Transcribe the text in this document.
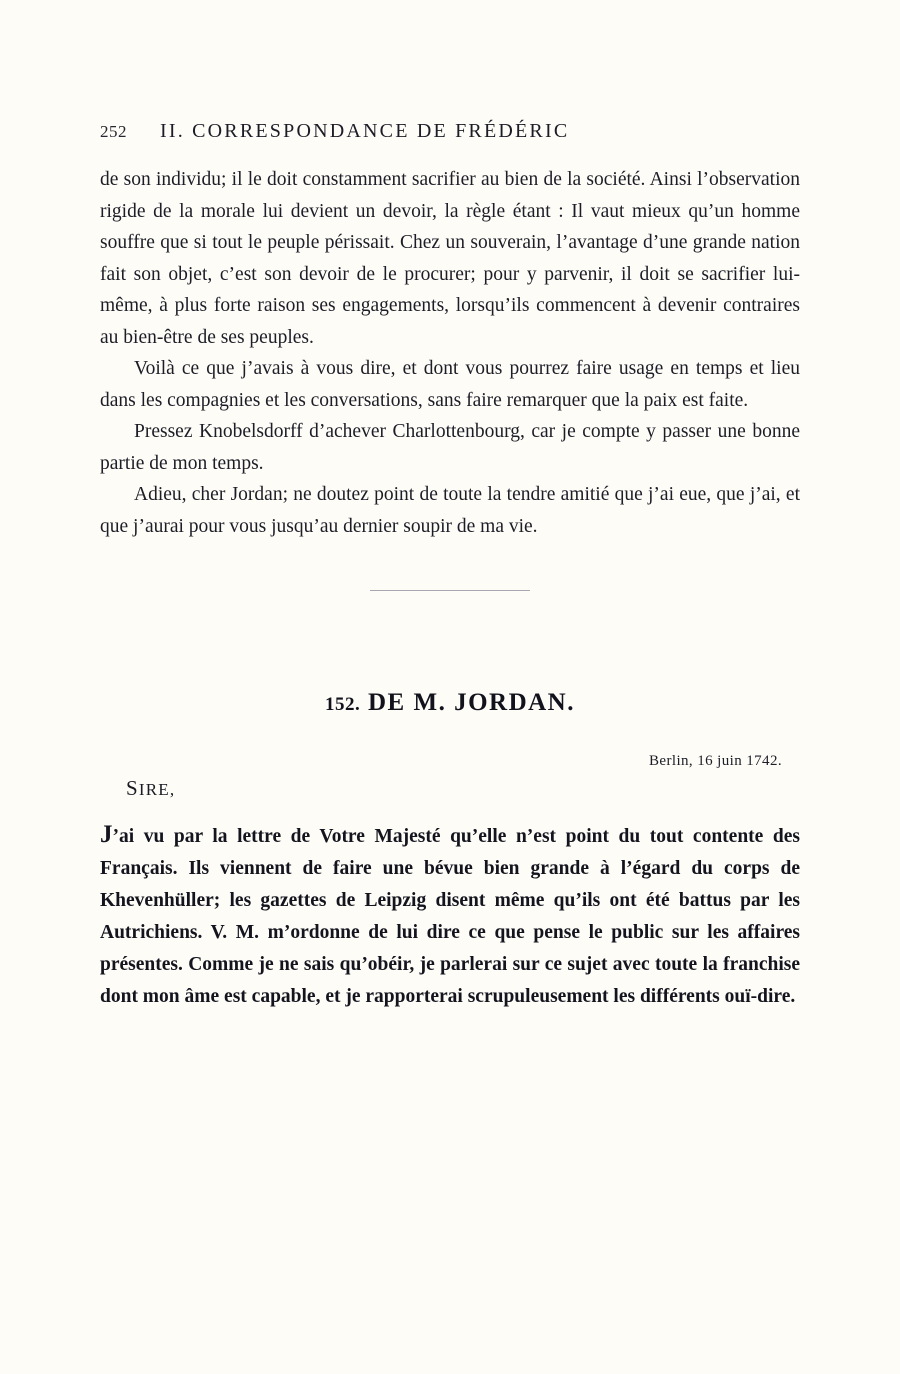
252	II. CORRESPONDANCE DE FRÉDÉRIC

de son individu; il le doit constamment sacrifier au bien de la société. Ainsi l’observation rigide de la morale lui devient un devoir, la règle étant : Il vaut mieux qu’un homme souffre que si tout le peuple périssait. Chez un souverain, l’avantage d’une grande nation fait son objet, c’est son devoir de le procurer; pour y parvenir, il doit se sacrifier lui-même, à plus forte raison ses engagements, lorsqu’ils commencent à devenir contraires au bien-être de ses peuples.

Voilà ce que j’avais à vous dire, et dont vous pourrez faire usage en temps et lieu dans les compagnies et les conversations, sans faire remarquer que la paix est faite.

Pressez Knobelsdorff d’achever Charlottenbourg, car je compte y passer une bonne partie de mon temps.

Adieu, cher Jordan; ne doutez point de toute la tendre amitié que j’ai eue, que j’ai, et que j’aurai pour vous jusqu’au dernier soupir de ma vie.

152. DE M. JORDAN.
Berlin, 16 juin 1742.
SIRE,

J’ai vu par la lettre de Votre Majesté qu’elle n’est point du tout contente des Français. Ils viennent de faire une bévue bien grande à l’égard du corps de Khevenhüller; les gazettes de Leipzig disent même qu’ils ont été battus par les Autrichiens. V. M. m’ordonne de lui dire ce que pense le public sur les affaires présentes. Comme je ne sais qu’obéir, je parlerai sur ce sujet avec toute la franchise dont mon âme est capable, et je rapporterai scrupuleusement les différents ouï-dire.
